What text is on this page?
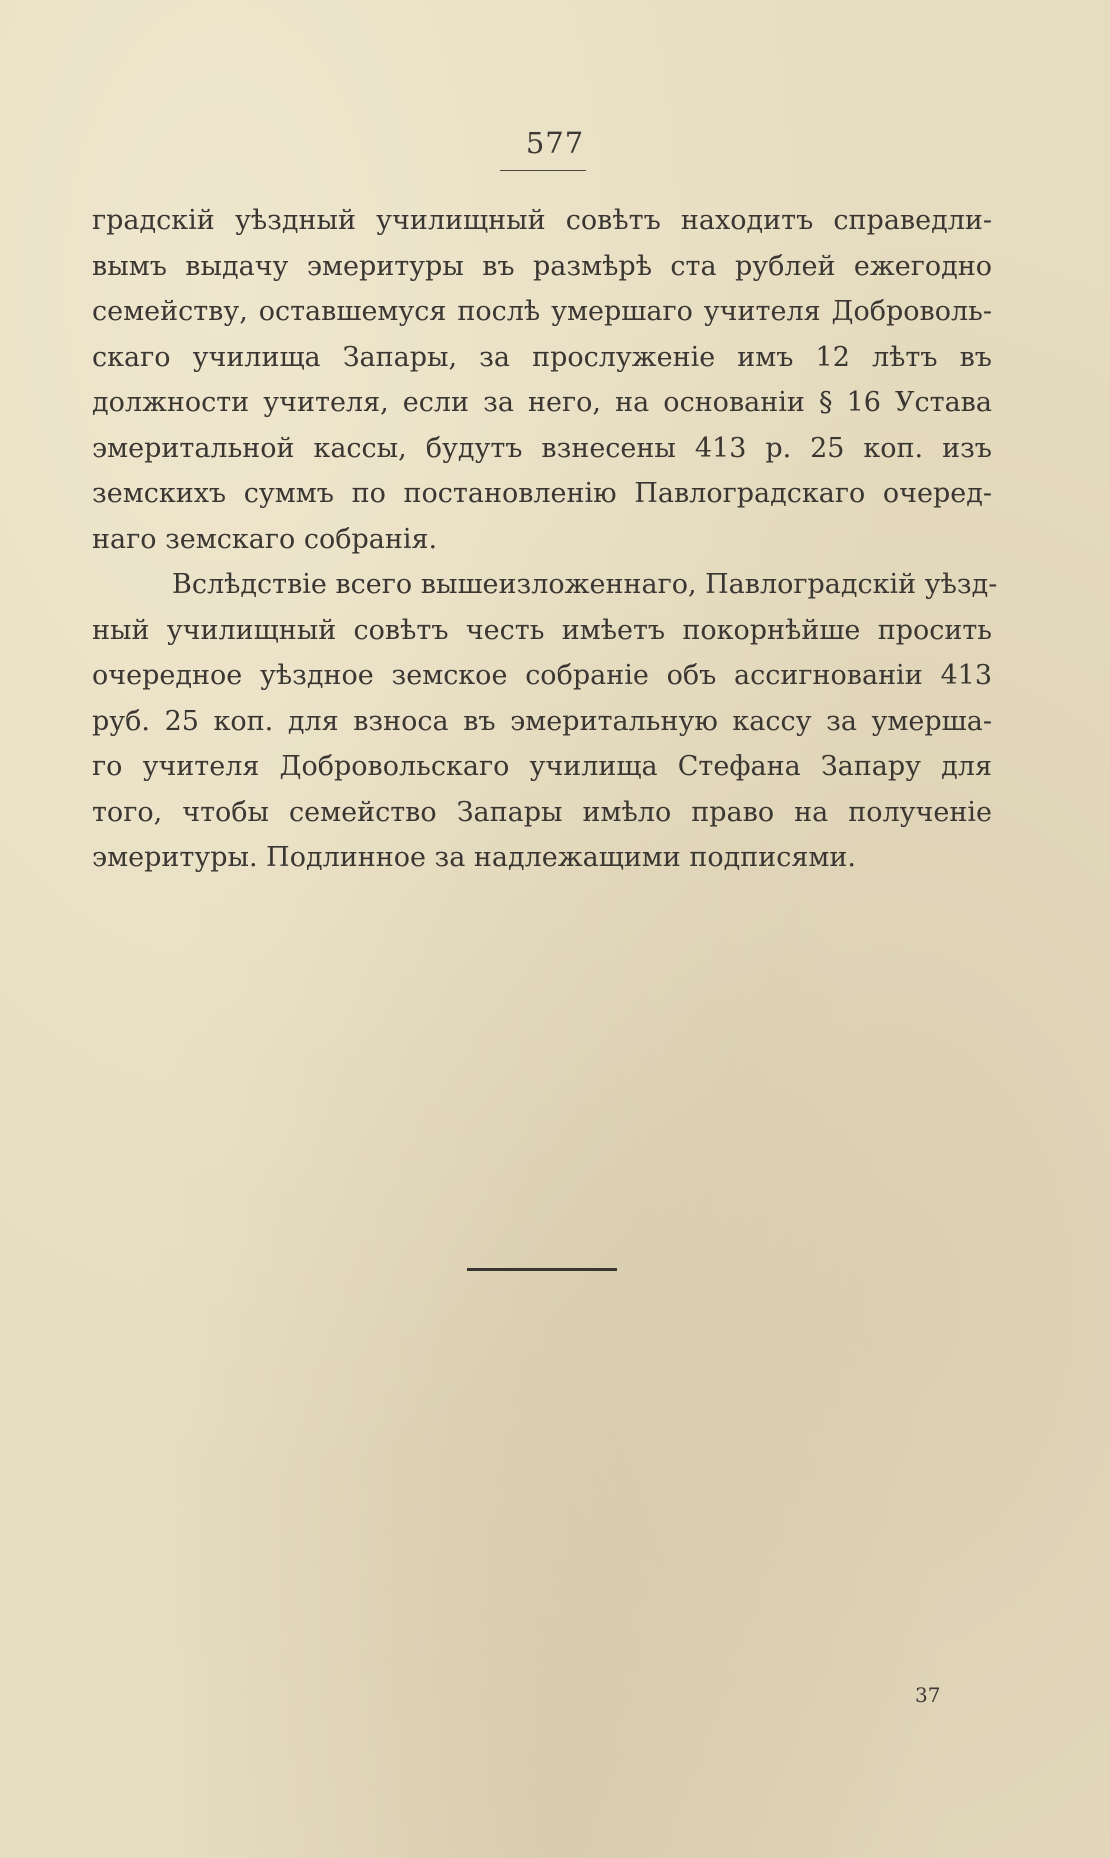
577
градскій уѣздный училищный совѣтъ находитъ справедли-
вымъ выдачу эмеритуры въ размѣрѣ ста рублей ежегодно
семейству, оставшемуся послѣ умершаго учителя Доброволь-
скаго училища Запары, за прослуженіе имъ 12 лѣтъ въ
должности учителя, если за него, на основаніи § 16 Устава
эмеритальной кассы, будутъ взнесены 413 р. 25 коп. изъ
земскихъ суммъ по постановленію Павлоградскаго очеред-
наго земскаго собранія.
Вслѣдствіе всего вышеизложеннаго, Павлоградскій уѣзд-
ный училищный совѣтъ честь имѣетъ покорнѣйше просить
очередное уѣздное земское собраніе объ ассигнованіи 413
руб. 25 коп. для взноса въ эмеритальную кассу за умерша-
го учителя Добровольскаго училища Стефана Запару для
того, чтобы семейство Запары имѣло право на полученіе
эмеритуры. Подлинное за надлежащими подписями.
37
